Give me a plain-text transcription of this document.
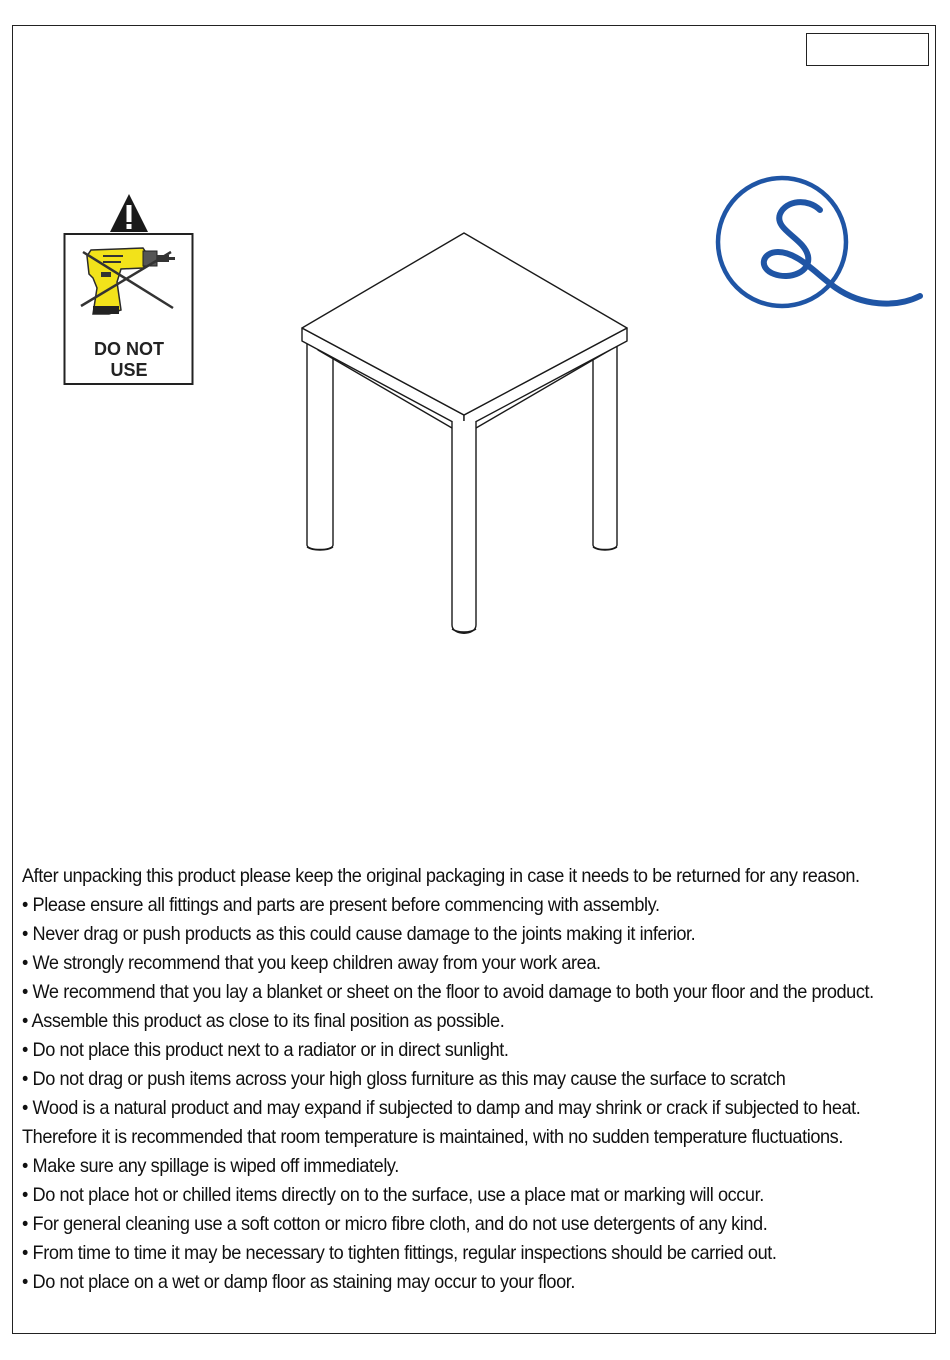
DO NOT
USE

After unpacking this product please keep the original packaging in case it needs to be returned for any reason.

• Please ensure all fittings and parts are present before commencing with assembly.

• Never drag or push products as this could cause damage to the joints making it inferior.

• We strongly recommend that you keep children away from your work area.

• We recommend that you lay a blanket or sheet on the floor to avoid damage to both your floor and the product.

• Assemble this product as close to its final position as possible.

• Do not place this product next to a radiator or in direct sunlight.

• Do not drag or push items across your high gloss furniture as this may cause the surface to scratch

• Wood is a natural product and may expand if subjected to damp and may shrink or crack if subjected to heat.

Therefore it is recommended that room temperature is maintained, with no sudden temperature fluctuations.

• Make sure any spillage is wiped off immediately.

• Do not place hot or chilled items directly on to the surface, use a place mat or marking will occur.

• For general cleaning use a soft cotton or micro fibre cloth, and do not use detergents of any kind.

• From time to time it may be necessary to tighten fittings, regular inspections should be carried out.

• Do not place on a wet or damp floor as staining may occur to your floor.
